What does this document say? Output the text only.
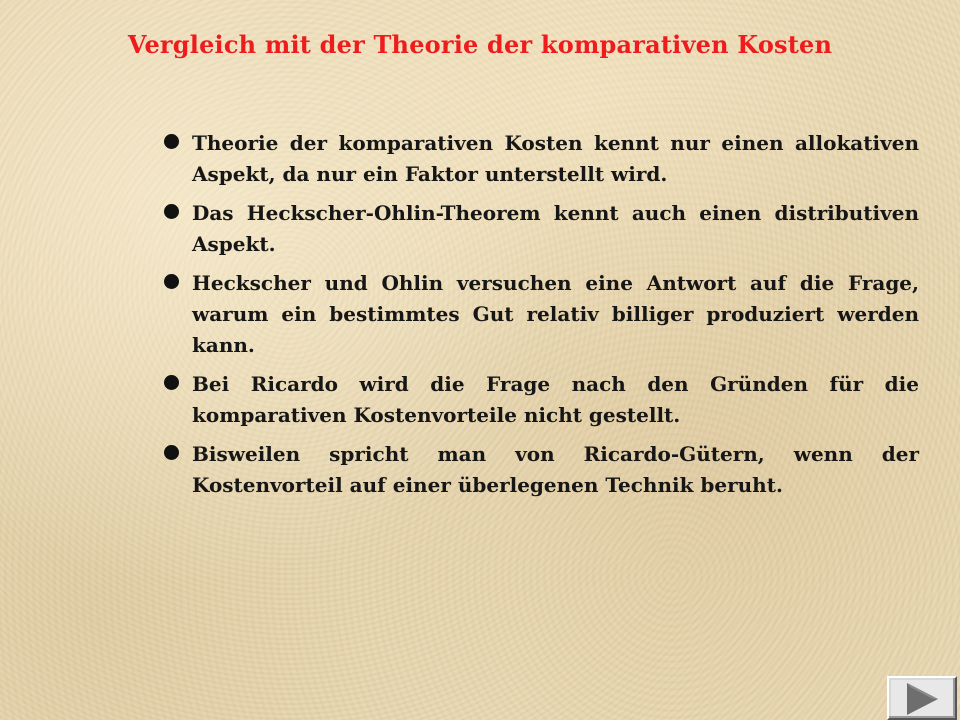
Vergleich mit der Theorie der komparativen Kosten
Theorie der komparativen Kosten kennt nur einen allokativen Aspekt, da nur ein Faktor unterstellt wird.
Das Heckscher-Ohlin-Theorem kennt auch einen distributiven Aspekt.
Heckscher und Ohlin versuchen eine Antwort auf die Frage, warum ein bestimmtes Gut relativ billiger produziert werden kann.
Bei Ricardo wird die Frage nach den Gründen für die komparativen Kostenvorteile nicht gestellt.
Bisweilen spricht man von Ricardo-Gütern, wenn der Kostenvorteil auf einer überlegenen Technik beruht.
